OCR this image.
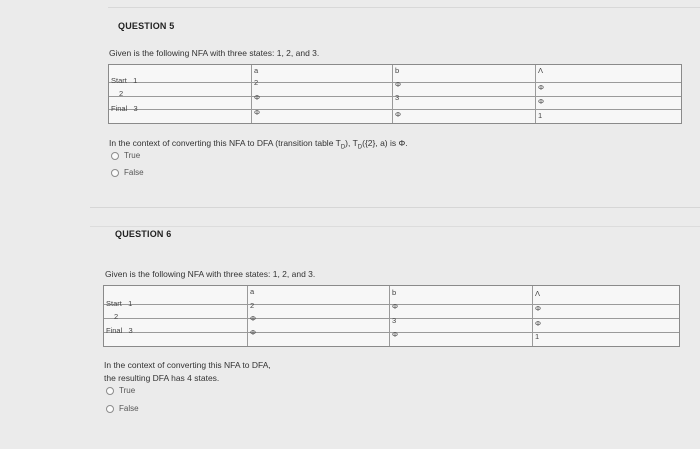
QUESTION 5
Given is the following NFA with three states: 1, 2, and 3.
a	b	Λ
Start   1	2	Φ	Φ
2	Φ	3	Φ
Final   3	Φ	Φ	1
In the context of converting this NFA to DFA (transition table $T_D$), $T_D(\{2\}$, a) is Φ.
True
False
QUESTION 6
Given is the following NFA with three states: 1, 2, and 3.
a	b	Λ
Start   1	2	Φ	Φ
2	Φ	3	Φ
Final   3	Φ	Φ	1
In the context of converting this NFA to DFA,
the resulting DFA has 4 states.
True
False
